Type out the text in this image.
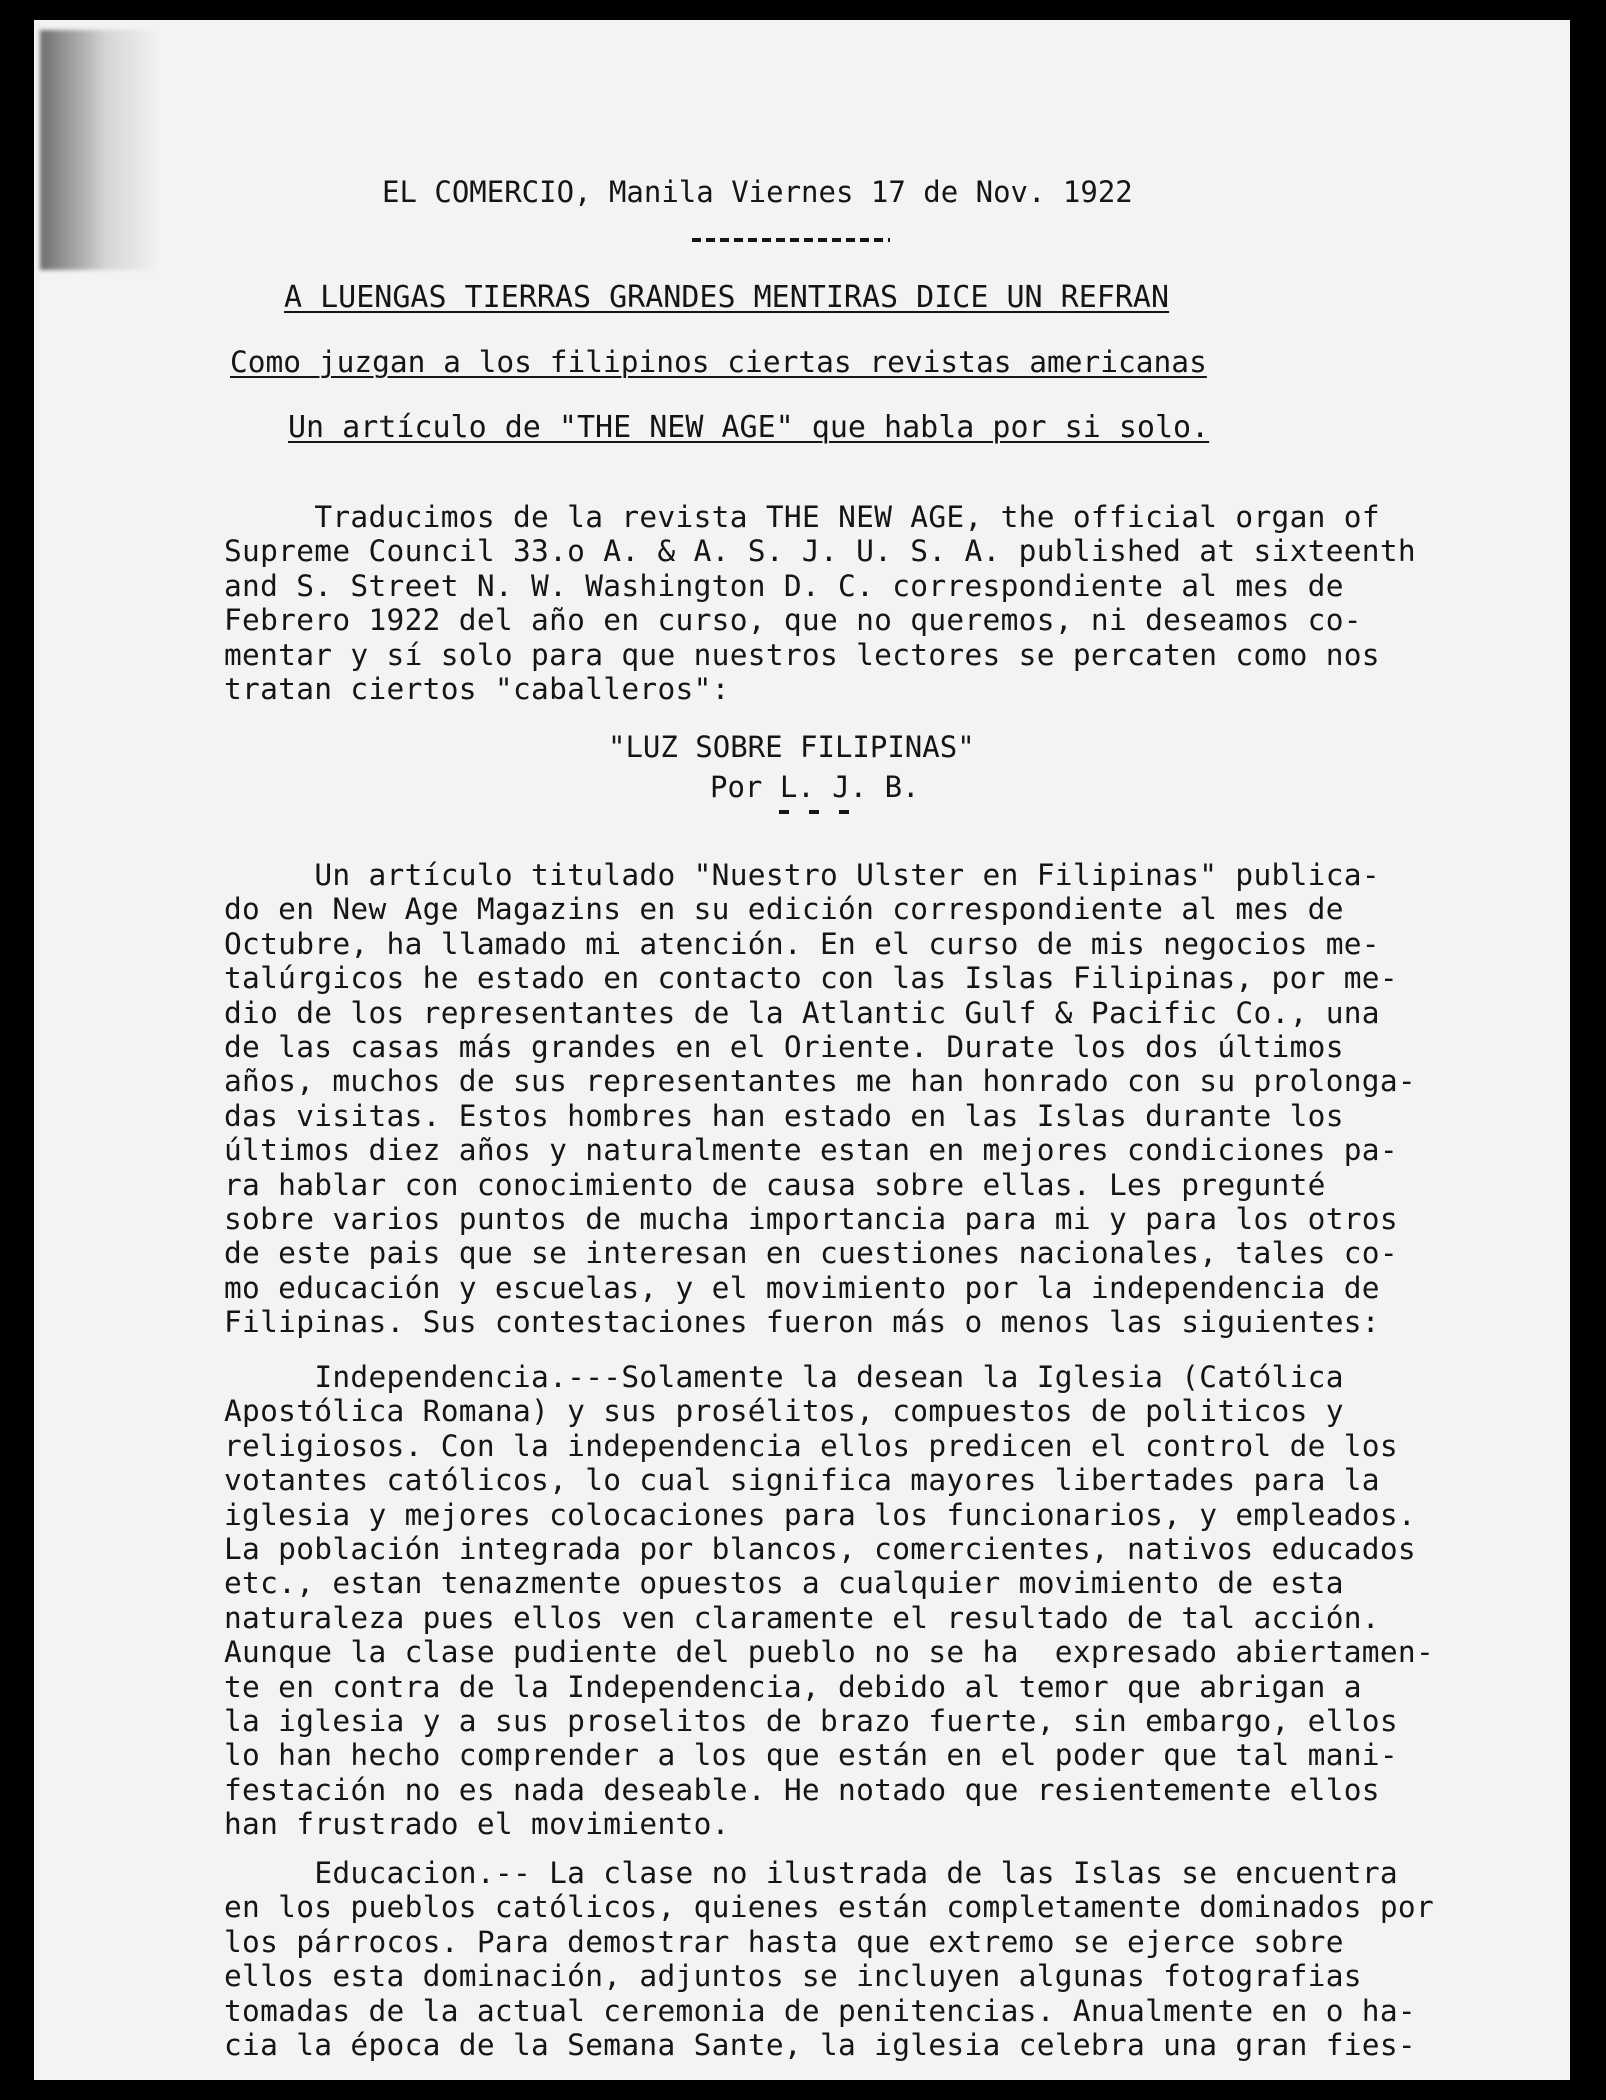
EL COMERCIO, Manila Viernes 17 de Nov. 1922
A LUENGAS TIERRAS GRANDES MENTIRAS DICE UN REFRAN
Como juzgan a los filipinos ciertas revistas americanas
Un artículo de "THE NEW AGE" que habla por si solo.
Traducimos de la revista THE NEW AGE, the official organ of
Supreme Council 33.o A. & A. S. J. U. S. A. published at sixteenth
and S. Street N. W. Washington D. C. correspondiente al mes de
Febrero 1922 del año en curso, que no queremos, ni deseamos co-
mentar y sí solo para que nuestros lectores se percaten como nos
tratan ciertos "caballeros":
"LUZ SOBRE FILIPINAS"
Por L. J. B.
Un artículo titulado "Nuestro Ulster en Filipinas" publica-
do en New Age Magazins en su edición correspondiente al mes de
Octubre, ha llamado mi atención. En el curso de mis negocios me-
talúrgicos he estado en contacto con las Islas Filipinas, por me-
dio de los representantes de la Atlantic Gulf & Pacific Co., una
de las casas más grandes en el Oriente. Durate los dos últimos
años, muchos de sus representantes me han honrado con su prolonga-
das visitas. Estos hombres han estado en las Islas durante los
últimos diez años y naturalmente estan en mejores condiciones pa-
ra hablar con conocimiento de causa sobre ellas. Les pregunté
sobre varios puntos de mucha importancia para mi y para los otros
de este pais que se interesan en cuestiones nacionales, tales co-
mo educación y escuelas, y el movimiento por la independencia de
Filipinas. Sus contestaciones fueron más o menos las siguientes:
Independencia.---Solamente la desean la Iglesia (Católica
Apostólica Romana) y sus prosélitos, compuestos de politicos y
religiosos. Con la independencia ellos predicen el control de los
votantes católicos, lo cual significa mayores libertades para la
iglesia y mejores colocaciones para los funcionarios, y empleados.
La población integrada por blancos, comercientes, nativos educados
etc., estan tenazmente opuestos a cualquier movimiento de esta
naturaleza pues ellos ven claramente el resultado de tal acción.
Aunque la clase pudiente del pueblo no se ha  expresado abiertamen-
te en contra de la Independencia, debido al temor que abrigan a
la iglesia y a sus proselitos de brazo fuerte, sin embargo, ellos
lo han hecho comprender a los que están en el poder que tal mani-
festación no es nada deseable. He notado que resientemente ellos
han frustrado el movimiento.
Educacion.-- La clase no ilustrada de las Islas se encuentra
en los pueblos católicos, quienes están completamente dominados por
los párrocos. Para demostrar hasta que extremo se ejerce sobre
ellos esta dominación, adjuntos se incluyen algunas fotografias
tomadas de la actual ceremonia de penitencias. Anualmente en o ha-
cia la época de la Semana Sante, la iglesia celebra una gran fies-
